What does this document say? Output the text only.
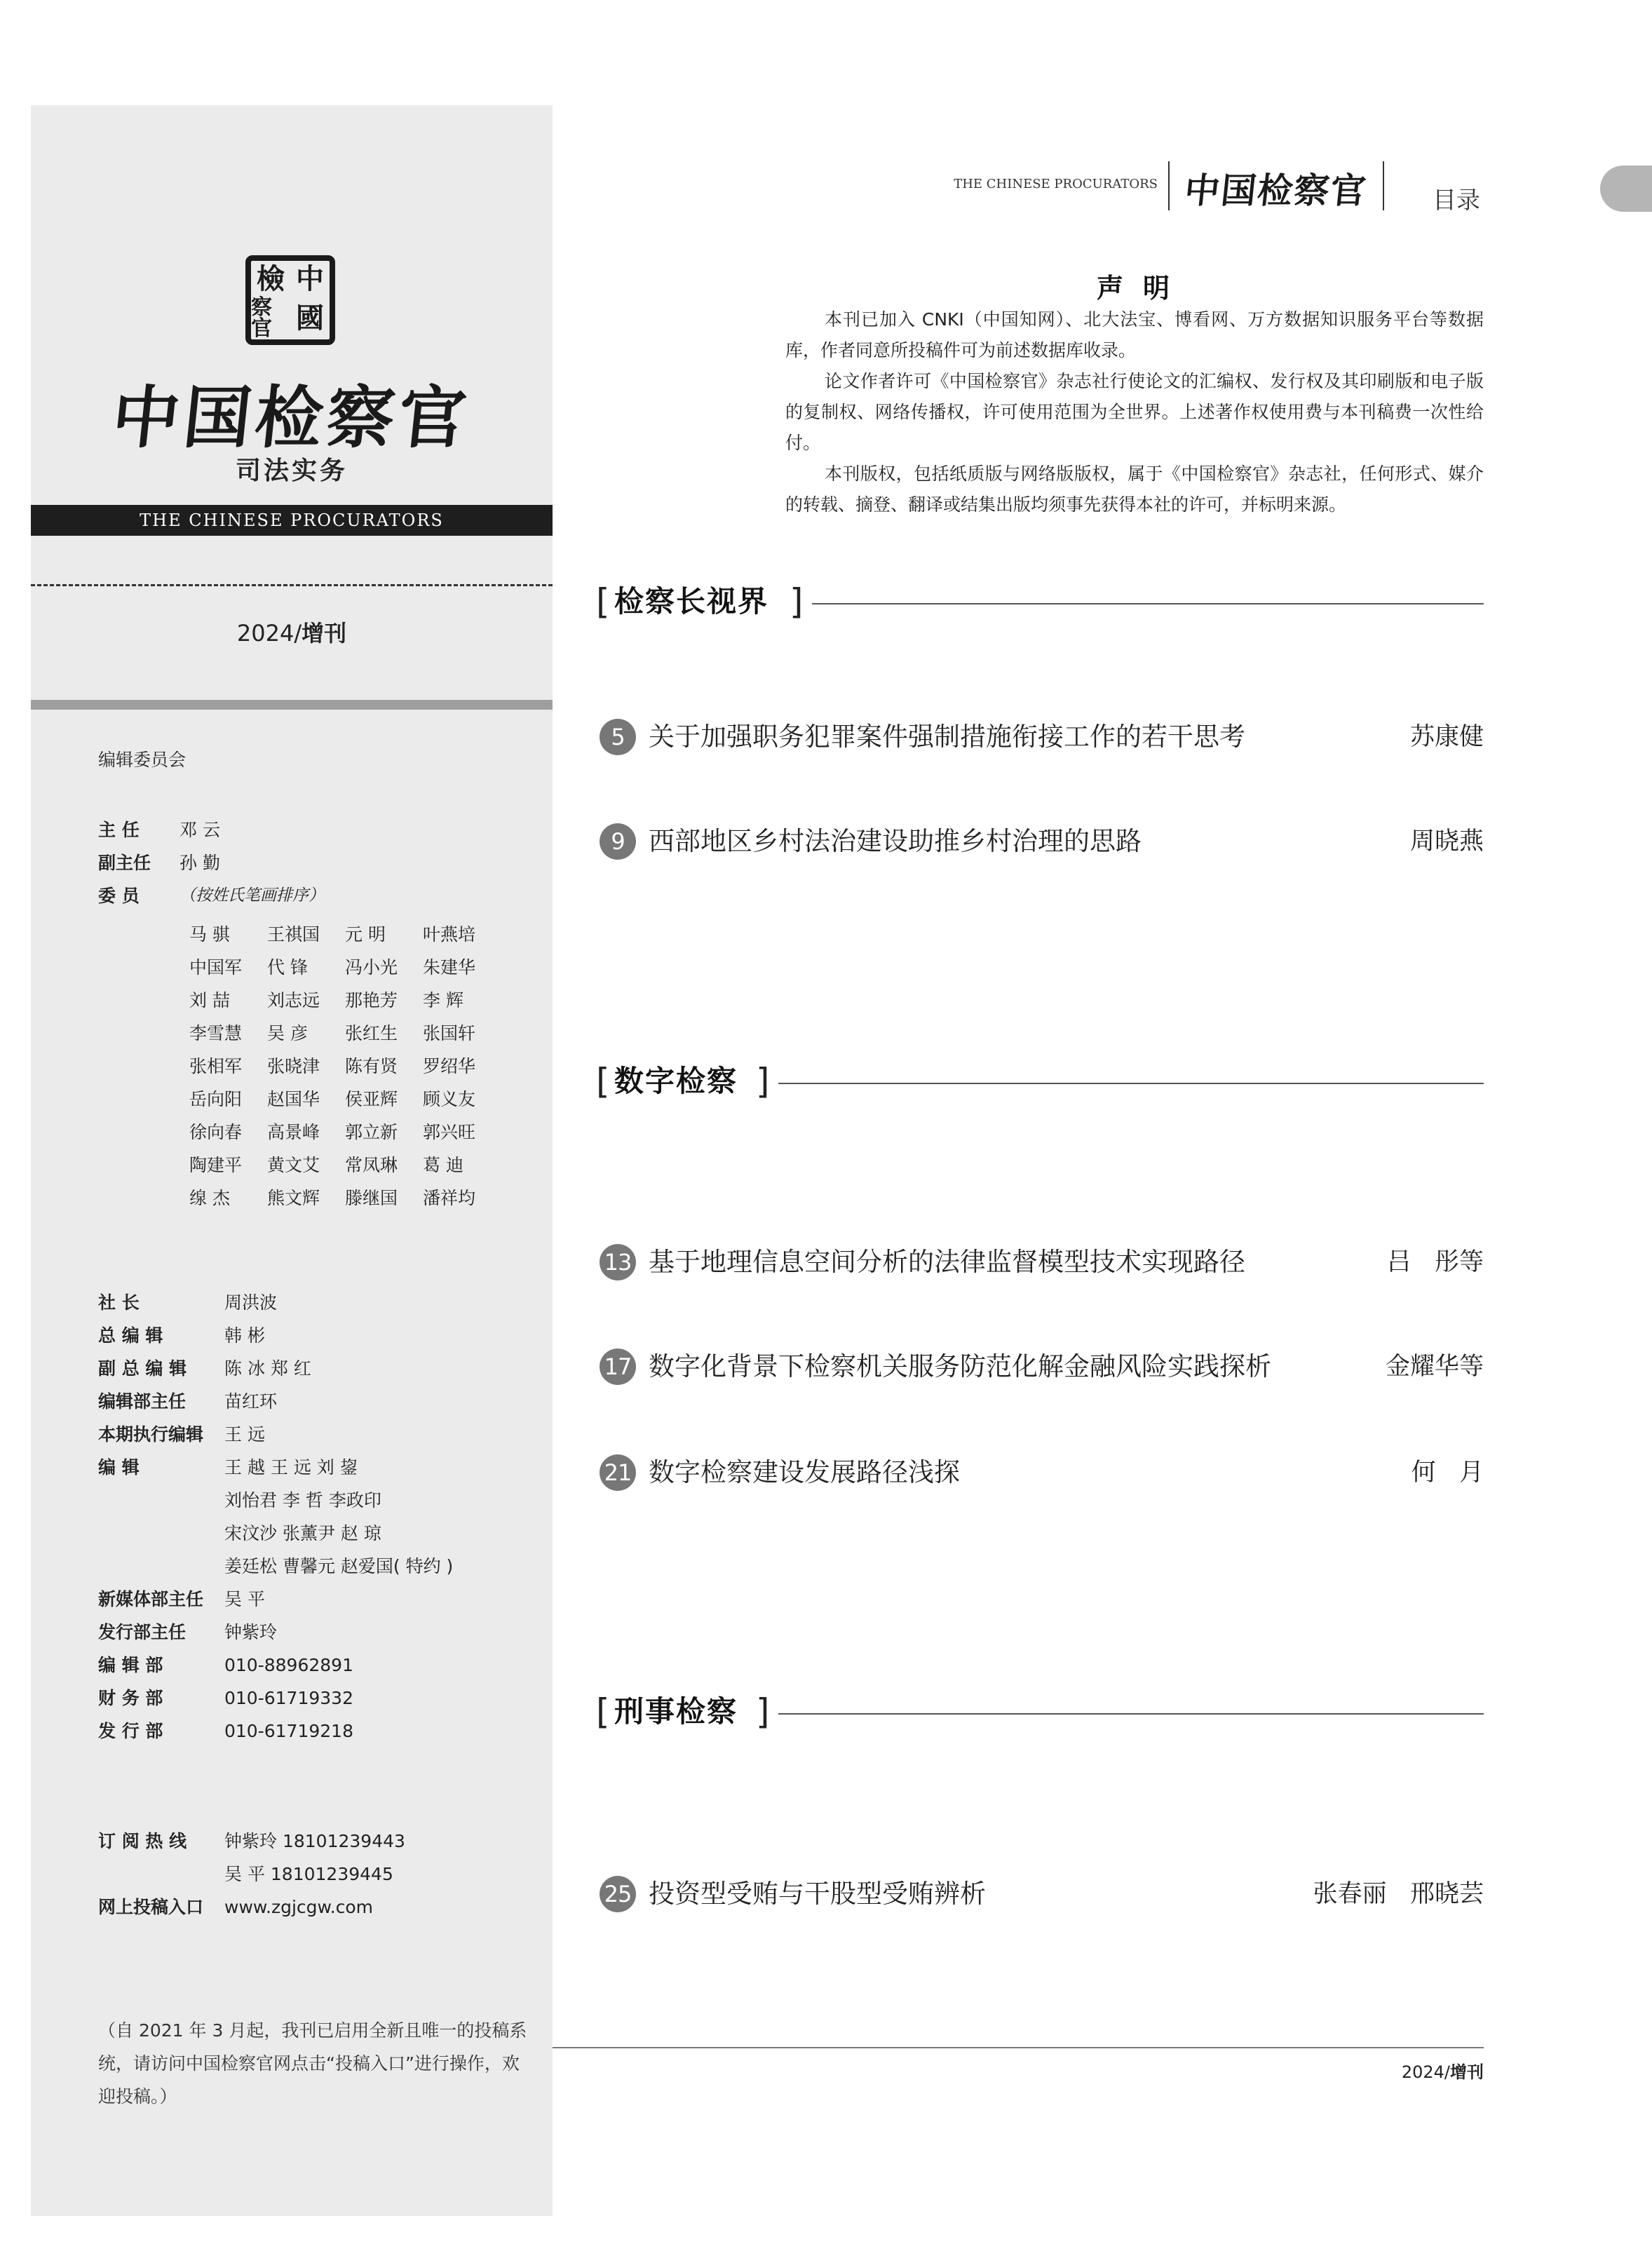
檢 中
察官 國
中国检察官
司法实务
THE CHINESE PROCURATORS
2024/增刊
编辑委员会
主 任	邓 云
副主任	孙 勤
委 员	（按姓氏笔画排序）
马 骐	王祺国	元 明	叶燕培
中国军	代 锋	冯小光	朱建华
刘 喆	刘志远	那艳芳	李 辉
李雪慧	吴 彦	张红生	张国轩
张相军	张晓津	陈有贤	罗绍华
岳向阳	赵国华	侯亚辉	顾义友
徐向春	高景峰	郭立新	郭兴旺
陶建平	黄文艾	常凤琳	葛 迪
缐 杰	熊文辉	滕继国	潘祥均
社 长	周洪波
总 编 辑	韩 彬
副 总 编 辑	陈 冰 郑 红
编辑部主任	苗红环
本期执行编辑	王 远
编 辑	王 越 王 远 刘 鋆
刘怡君 李 哲 李政印
宋汶沙 张薰尹 赵 琼
姜廷松 曹馨元 赵爱国( 特约 )
新媒体部主任	吴 平
发行部主任	钟紫玲
编 辑 部	010-88962891
财 务 部	010-61719332
发 行 部	010-61719218
订 阅 热 线	钟紫玲 18101239443
吴 平 18101239445
网上投稿入口	www.zgjcgw.com
（自 2021 年 3 月起，我刊已启用全新且唯一的投稿系统，请访问中国检察官网点击“投稿入口”进行操作，欢迎投稿。）
THE CHINESE PROCURATORS 中国检察官	目录
声明

本刊已加入 CNKI（中国知网）、北大法宝、博看网、万方数据知识服务平台等数据库，作者同意所投稿件可为前述数据库收录。

论文作者许可《中国检察官》杂志社行使论文的汇编权、发行权及其印刷版和电子版的复制权、网络传播权，许可使用范围为全世界。上述著作权使用费与本刊稿费一次性给付。

本刊版权，包括纸质版与网络版版权，属于《中国检察官》杂志社，任何形式、媒介的转载、摘登、翻译或结集出版均须事先获得本社的许可，并标明来源。

[ 检察长视界 ]
5 关于加强职务犯罪案件强制措施衔接工作的若干思考	苏康健
9 西部地区乡村法治建设助推乡村治理的思路	周晓燕
[ 数字检察 ]
13 基于地理信息空间分析的法律监督模型技术实现路径	吕   彤等
17 数字化背景下检察机关服务防范化解金融风险实践探析	金耀华等
21 数字检察建设发展路径浅探	何   月
[ 刑事检察 ]
25 投资型受贿与干股型受贿辨析	张春丽   邢晓芸
2024/增刊
